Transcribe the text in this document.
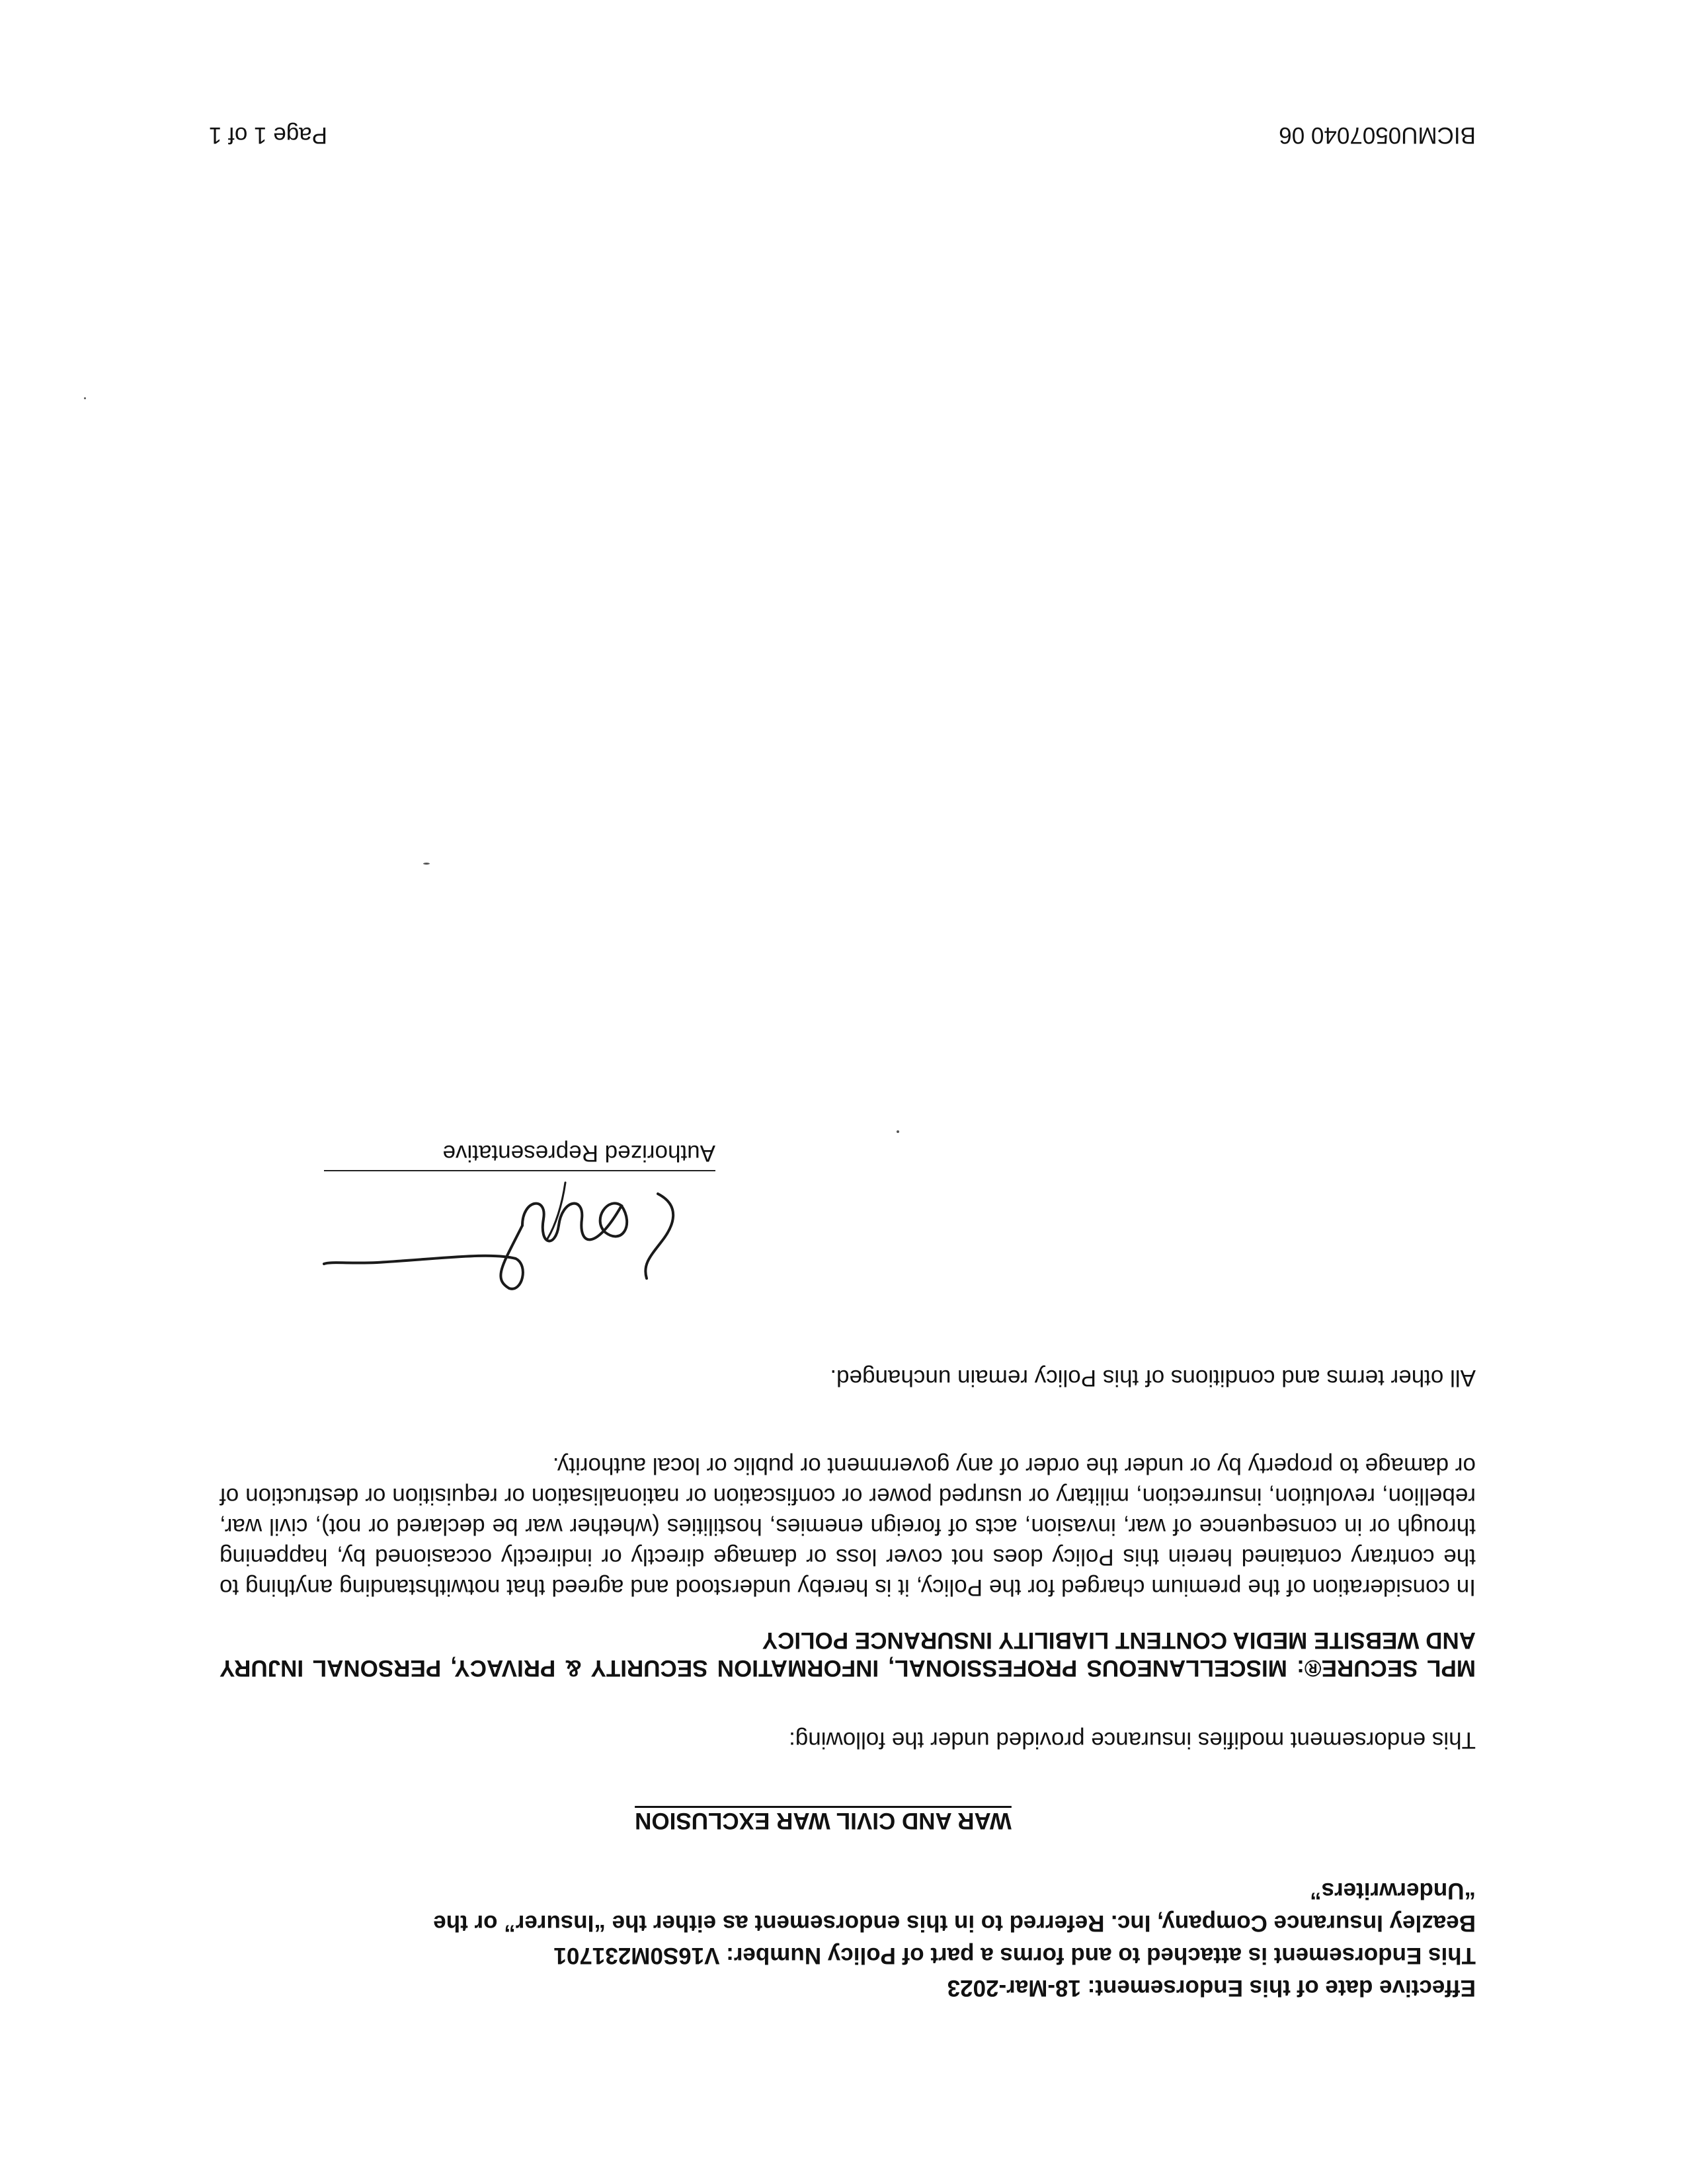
Effective date of this Endorsement: 18-Mar-2023
This Endorsement is attached to and forms a part of Policy Number: V16S0M231701
Beazley Insurance Company, Inc. Referred to in this endorsement as either the “Insurer” or the
“Underwriters”
WAR AND CIVIL WAR EXCLUSION
This endorsement modifies insurance provided under the following:
MPL SECURE®: MISCELLANEOUS PROFESSIONAL, INFORMATION SECURITY & PRIVACY, PERSONAL INJURY AND WEBSITE MEDIA CONTENT LIABILITY INSURANCE POLICY
In consideration of the premium charged for the Policy, it is hereby understood and agreed that notwithstanding anything to the contrary contained herein this Policy does not cover loss or damage directly or indirectly occasioned by, happening through or in consequence of war, invasion, acts of foreign enemies, hostilities (whether war be declared or not), civil war, rebellion, revolution, insurrection, military or usurped power or confiscation or nationalisation or requisition or destruction of or damage to property by or under the order of any government or public or local authority.
All other terms and conditions of this Policy remain unchanged.
Authorized Representative
BICMU0507040 06
Page 1 of 1
